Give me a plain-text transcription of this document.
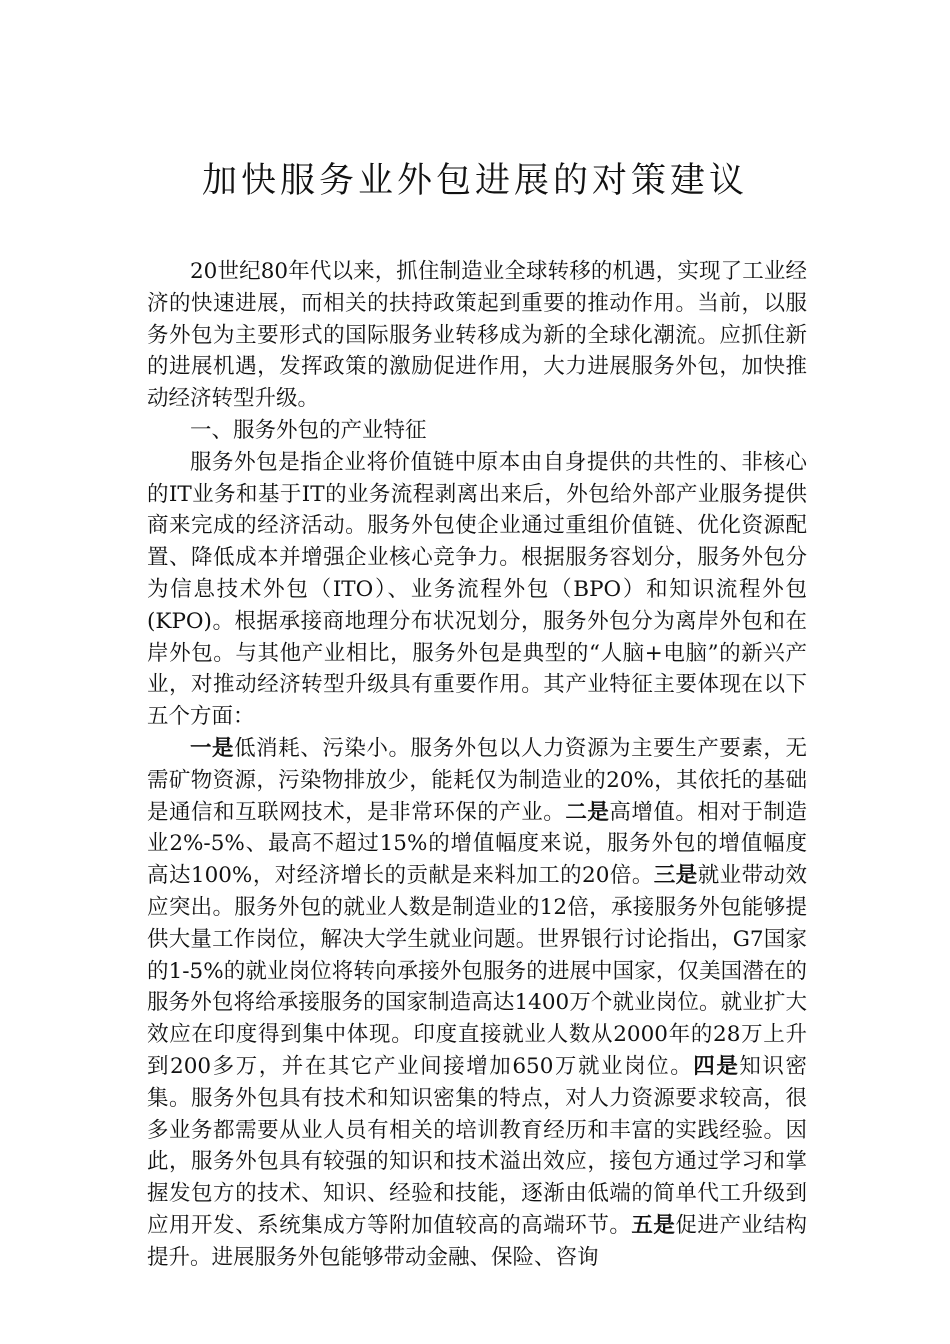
加快服务业外包进展的对策建议

20世纪80年代以来，抓住制造业全球转移的机遇，实现了工业经济的快速进展，而相关的扶持政策起到重要的推动作用。当前，以服务外包为主要形式的国际服务业转移成为新的全球化潮流。应抓住新的进展机遇，发挥政策的激励促进作用，大力进展服务外包，加快推动经济转型升级。

一、服务外包的产业特征

服务外包是指企业将价值链中原本由自身提供的共性的、非核心的IT业务和基于IT的业务流程剥离出来后，外包给外部产业服务提供商来完成的经济活动。服务外包使企业通过重组价值链、优化资源配置、降低成本并增强企业核心竞争力。根据服务容划分，服务外包分为信息技术外包（ITO）、业务流程外包（BPO）和知识流程外包(KPO)。根据承接商地理分布状况划分，服务外包分为离岸外包和在岸外包。与其他产业相比，服务外包是典型的“人脑+电脑”的新兴产业，对推动经济转型升级具有重要作用。其产业特征主要体现在以下五个方面：

一是低消耗、污染小。服务外包以人力资源为主要生产要素，无需矿物资源，污染物排放少，能耗仅为制造业的20%，其依托的基础是通信和互联网技术，是非常环保的产业。二是高增值。相对于制造业2%-5%、最高不超过15%的增值幅度来说，服务外包的增值幅度高达100%，对经济增长的贡献是来料加工的20倍。三是就业带动效应突出。服务外包的就业人数是制造业的12倍，承接服务外包能够提供大量工作岗位，解决大学生就业问题。世界银行讨论指出，G7国家的1-5%的就业岗位将转向承接外包服务的进展中国家，仅美国潜在的服务外包将给承接服务的国家制造高达1400万个就业岗位。就业扩大效应在印度得到集中体现。印度直接就业人数从2000年的28万上升到200多万，并在其它产业间接增加650万就业岗位。四是知识密集。服务外包具有技术和知识密集的特点，对人力资源要求较高，很多业务都需要从业人员有相关的培训教育经历和丰富的实践经验。因此，服务外包具有较强的知识和技术溢出效应，接包方通过学习和掌握发包方的技术、知识、经验和技能，逐渐由低端的简单代工升级到应用开发、系统集成方等附加值较高的高端环节。五是促进产业结构提升。进展服务外包能够带动金融、保险、咨询
